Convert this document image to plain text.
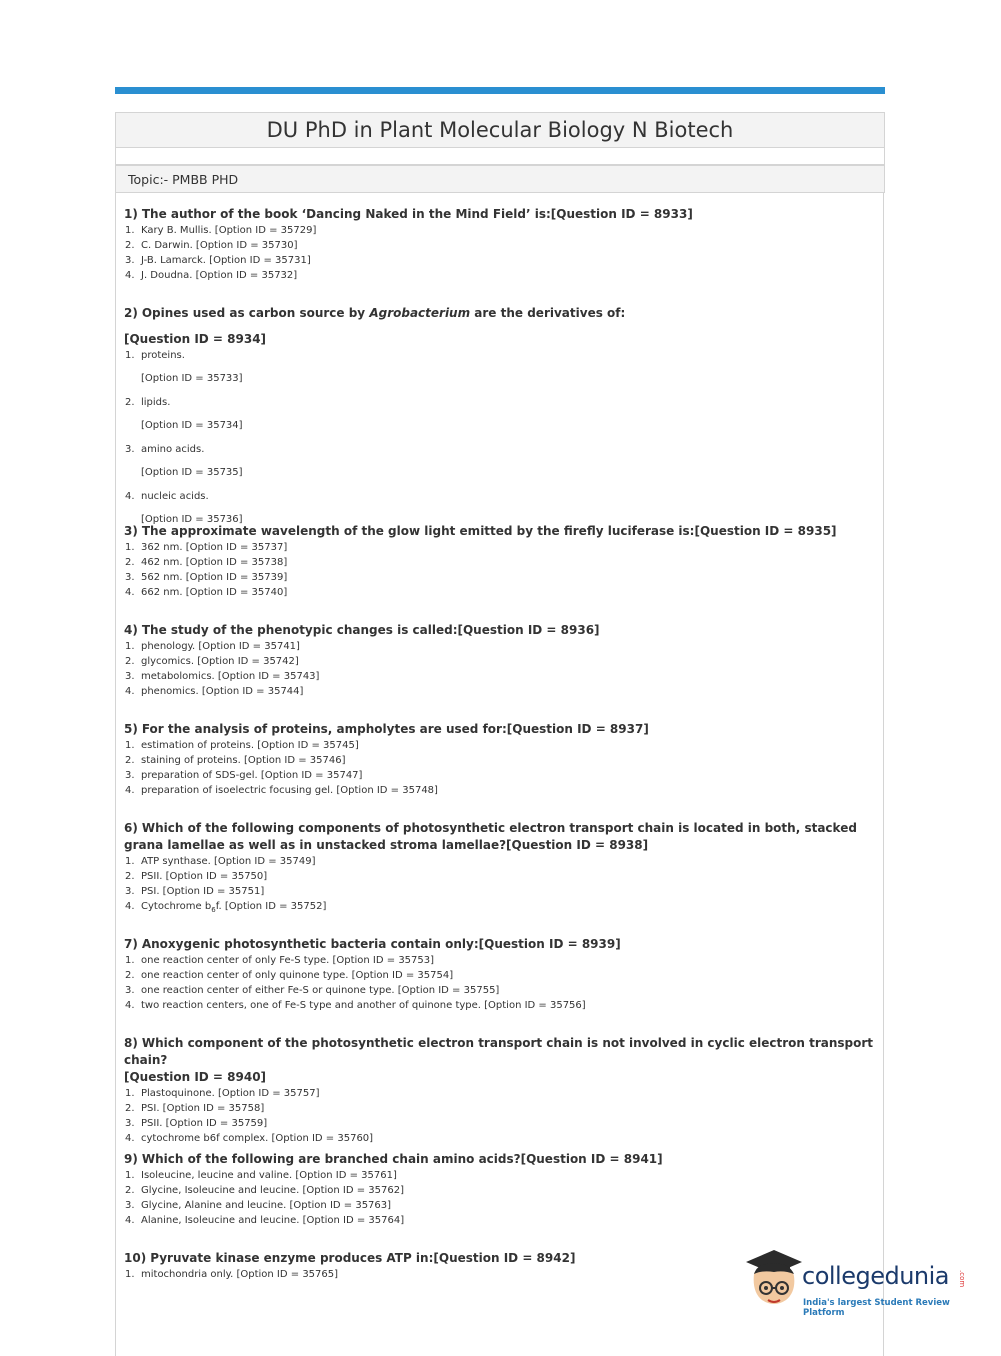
DU PhD in Plant Molecular Biology N Biotech
Topic:- PMBB PHD

1) The author of the book ‘Dancing Naked in the Mind Field’ is:[Question ID = 8933]

1. Kary B. Mullis. [Option ID = 35729]
2. C. Darwin. [Option ID = 35730]
3. J-B. Lamarck. [Option ID = 35731]
4. J. Doudna. [Option ID = 35732]

2) Opines used as carbon source by Agrobacterium are the derivatives of:

[Question ID = 8934]
1. proteins.
[Option ID = 35733]
2. lipids.
[Option ID = 35734]
3. amino acids.
[Option ID = 35735]
4. nucleic acids.
[Option ID = 35736]

3) The approximate wavelength of the glow light emitted by the firefly luciferase is:[Question ID = 8935]

1. 362 nm. [Option ID = 35737]
2. 462 nm. [Option ID = 35738]
3. 562 nm. [Option ID = 35739]
4. 662 nm. [Option ID = 35740]

4) The study of the phenotypic changes is called:[Question ID = 8936]

1. phenology. [Option ID = 35741]
2. glycomics. [Option ID = 35742]
3. metabolomics. [Option ID = 35743]
4. phenomics. [Option ID = 35744]

5) For the analysis of proteins, ampholytes are used for:[Question ID = 8937]

1. estimation of proteins. [Option ID = 35745]
2. staining of proteins. [Option ID = 35746]
3. preparation of SDS-gel. [Option ID = 35747]
4. preparation of isoelectric focusing gel. [Option ID = 35748]

6) Which of the following components of photosynthetic electron transport chain is located in both, stacked grana lamellae as well as in unstacked stroma lamellae?[Question ID = 8938]

1. ATP synthase. [Option ID = 35749]
2. PSII. [Option ID = 35750]
3. PSI. [Option ID = 35751]
4. Cytochrome $b_6f$. [Option ID = 35752]

7) Anoxygenic photosynthetic bacteria contain only:[Question ID = 8939]

1. one reaction center of only Fe-S type. [Option ID = 35753]
2. one reaction center of only quinone type. [Option ID = 35754]
3. one reaction center of either Fe-S or quinone type. [Option ID = 35755]
4. two reaction centers, one of Fe-S type and another of quinone type. [Option ID = 35756]

8) Which component of the photosynthetic electron transport chain is not involved in cyclic electron transport chain?

[Question ID = 8940]

1. Plastoquinone. [Option ID = 35757]
2. PSI. [Option ID = 35758]
3. PSII. [Option ID = 35759]
4. cytochrome b6f complex. [Option ID = 35760]

9) Which of the following are branched chain amino acids?[Question ID = 8941]

1. Isoleucine, leucine and valine. [Option ID = 35761]
2. Glycine, Isoleucine and leucine. [Option ID = 35762]
3. Glycine, Alanine and leucine. [Option ID = 35763]
4. Alanine, Isoleucine and leucine. [Option ID = 35764]

10) Pyruvate kinase enzyme produces ATP in:[Question ID = 8942]

1. mitochondria only. [Option ID = 35765]	collegedunia .com
India's largest Student Review Platform
